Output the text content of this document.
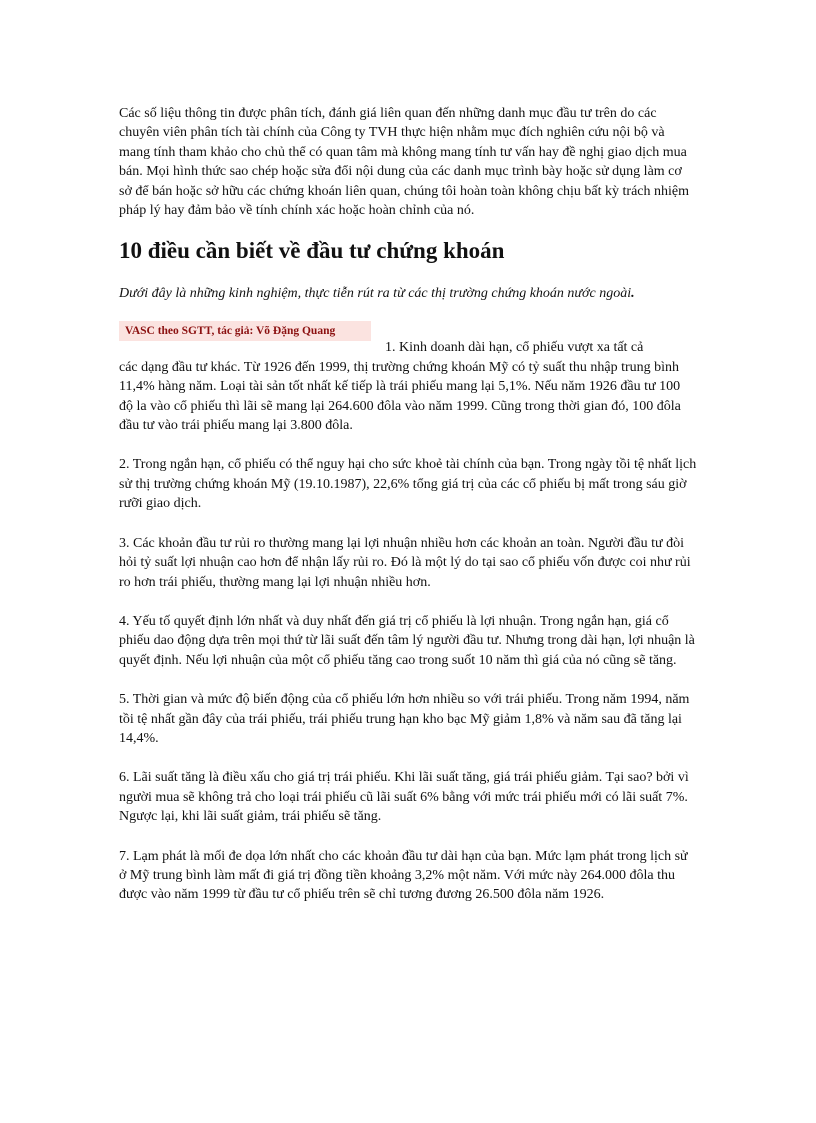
Các số liệu thông tin được phân tích, đánh giá liên quan đến những danh mục đầu tư trên do các chuyên viên phân tích tài chính của Công ty TVH thực hiện nhằm mục đích nghiên cứu nội bộ và mang tính tham khảo cho chủ thể có quan tâm mà không mang tính tư vấn hay đề nghị giao dịch mua bán. Mọi hình thức sao chép hoặc sửa đổi nội dung của các danh mục trình bày hoặc sử dụng làm cơ sở để bán hoặc sở hữu các chứng khoán liên quan, chúng tôi hoàn toàn không chịu bất kỳ trách nhiệm pháp lý hay đảm bảo về tính chính xác hoặc hoàn chỉnh của nó.

10 điều cần biết về đầu tư chứng khoán

Dưới đây là những kinh nghiệm, thực tiễn rút ra từ các thị trường chứng khoán nước ngoài.

VASC theo SGTT, tác giả: Võ Đặng Quang
1. Kinh doanh dài hạn, cổ phiếu vượt xa tất cả

các dạng đầu tư khác. Từ 1926 đến 1999, thị trường chứng khoán Mỹ có tỷ suất thu nhập trung bình 11,4% hàng năm. Loại tài sản tốt nhất kế tiếp là trái phiếu mang lại 5,1%. Nếu năm 1926 đầu tư 100 độ la vào cổ phiếu thì lãi sẽ mang lại 264.600 đôla vào năm 1999. Cũng trong thời gian đó, 100 đôla đầu tư vào trái phiếu mang lại 3.800 đôla.

2. Trong ngắn hạn, cổ phiếu có thể nguy hại cho sức khoẻ tài chính của bạn. Trong ngày tồi tệ nhất lịch sử thị trường chứng khoán Mỹ (19.10.1987), 22,6% tổng giá trị của các cổ phiếu bị mất trong sáu giờ rưỡi giao dịch.

3. Các khoản đầu tư rủi ro thường mang lại lợi nhuận nhiều hơn các khoản an toàn. Người đầu tư đòi hỏi tỷ suất lợi nhuận cao hơn để nhận lấy rủi ro. Đó là một lý do tại sao cổ phiếu vốn được coi như rủi ro hơn trái phiếu, thường mang lại lợi nhuận nhiều hơn.

4. Yếu tố quyết định lớn nhất và duy nhất đến giá trị cổ phiếu là lợi nhuận. Trong ngắn hạn, giá cổ phiếu dao động dựa trên mọi thứ từ lãi suất đến tâm lý người đầu tư. Nhưng trong dài hạn, lợi nhuận là quyết định. Nếu lợi nhuận của một cổ phiếu tăng cao trong suốt 10 năm thì giá của nó cũng sẽ tăng.

5. Thời gian và mức độ biến động của cổ phiếu lớn hơn nhiều so với trái phiếu. Trong năm 1994, năm tồi tệ nhất gần đây của trái phiếu, trái phiếu trung hạn kho bạc Mỹ giảm 1,8% và năm sau đã tăng lại 14,4%.

6. Lãi suất tăng là điều xấu cho giá trị trái phiếu. Khi lãi suất tăng, giá trái phiếu giảm. Tại sao? bởi vì người mua sẽ không trả cho loại trái phiếu cũ lãi suất 6% bằng với mức trái phiếu mới có lãi suất 7%. Ngược lại, khi lãi suất giảm, trái phiếu sẽ tăng.

7. Lạm phát là mối đe dọa lớn nhất cho các khoản đầu tư dài hạn của bạn. Mức lạm phát trong lịch sử ở Mỹ trung bình làm mất đi giá trị đồng tiền khoảng 3,2% một năm. Với mức này 264.000 đôla thu được vào năm 1999 từ đầu tư cổ phiếu trên sẽ chỉ tương đương 26.500 đôla năm 1926.
